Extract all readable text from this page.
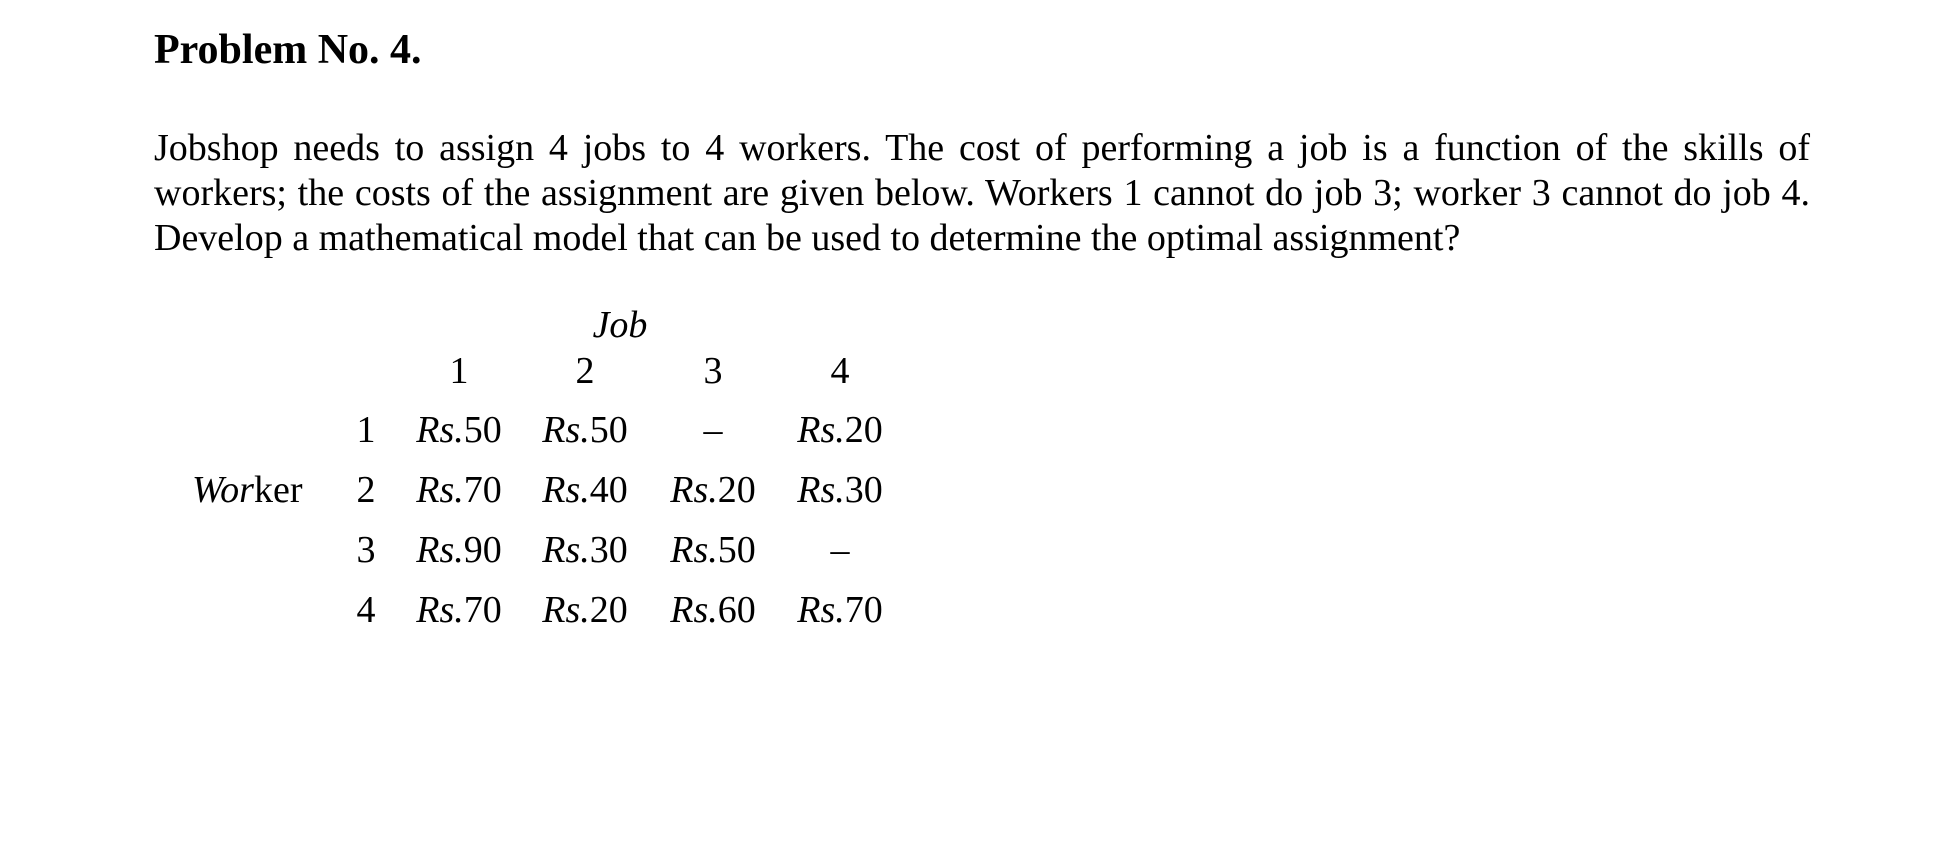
Problem No. 4.

Jobshop needs to assign 4 jobs to 4 workers. The cost of performing a job is a function of the skills of workers; the costs of the assignment are given below. Workers 1 cannot do job 3; worker 3 cannot do job 4. Develop a mathematical model that can be used to determine the optimal assignment?

Job
1	2	3	4
Worker
1 Rs.50 Rs.50 – Rs.20
2 Rs.70 Rs.40 Rs.20 Rs.30
3 Rs.90 Rs.30 Rs.50 –
4 Rs.70 Rs.20 Rs.60 Rs.70
